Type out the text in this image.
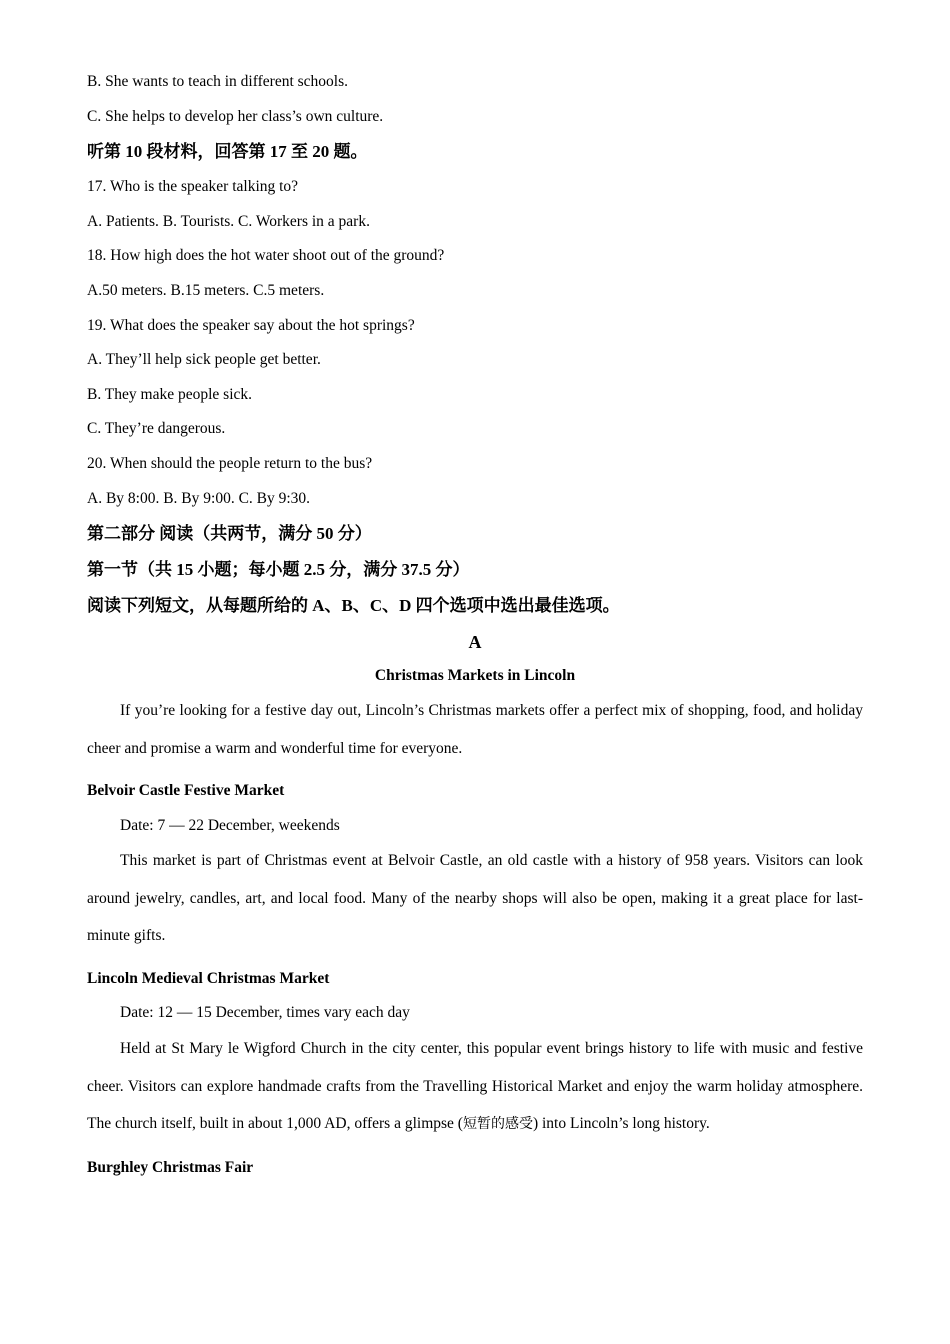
B. She wants to teach in different schools.
C. She helps to develop her class’s own culture.
听第 10 段材料，回答第 17 至 20 题。
17. Who is the speaker talking to?
A. Patients. B. Tourists. C. Workers in a park.
18. How high does the hot water shoot out of the ground?
A.50 meters. B.15 meters. C.5 meters.
19. What does the speaker say about the hot springs?
A. They’ll help sick people get better.
B. They make people sick.
C. They’re dangerous.
20. When should the people return to the bus?
A. By 8:00. B. By 9:00. C. By 9:30.
第二部分 阅读（共两节，满分 50 分）
第一节（共 15 小题；每小题 2.5 分，满分 37.5 分）
阅读下列短文，从每题所给的 A、B、C、D 四个选项中选出最佳选项。
A
Christmas Markets in Lincoln
If you’re looking for a festive day out, Lincoln’s Christmas markets offer a perfect mix of shopping, food, and holiday cheer and promise a warm and wonderful time for everyone.
Belvoir Castle Festive Market
Date: 7 — 22 December, weekends
This market is part of Christmas event at Belvoir Castle, an old castle with a history of 958 years. Visitors can look around jewelry, candles, art, and local food. Many of the nearby shops will also be open, making it a great place for last-minute gifts.
Lincoln Medieval Christmas Market
Date: 12 — 15 December, times vary each day
Held at St Mary le Wigford Church in the city center, this popular event brings history to life with music and festive cheer. Visitors can explore handmade crafts from the Travelling Historical Market and enjoy the warm holiday atmosphere. The church itself, built in about 1,000 AD, offers a glimpse (短暂的感受) into Lincoln’s long history.
Burghley Christmas Fair
